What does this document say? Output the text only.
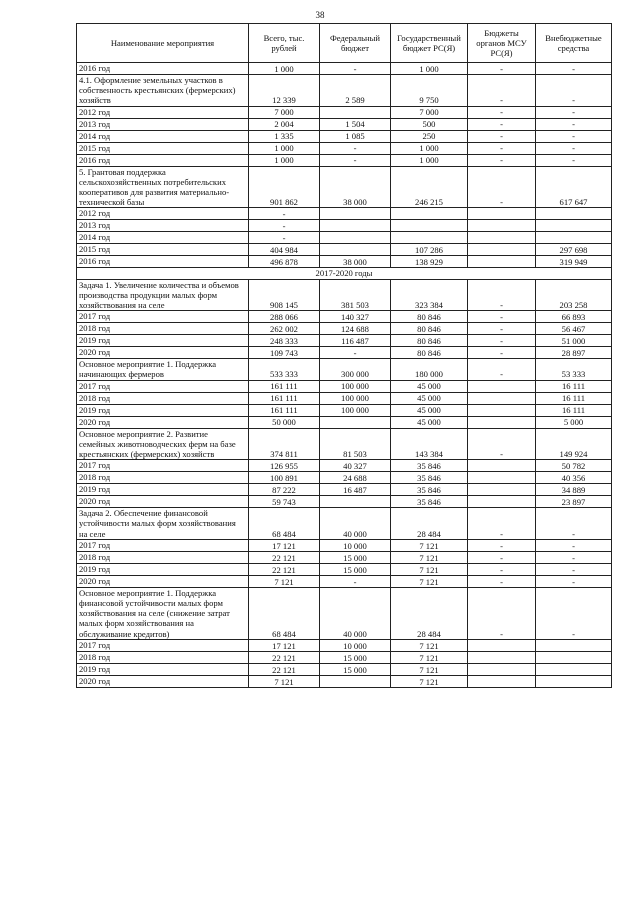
38
Наименование мероприятия	Всего, тыс. рублей	Федеральный бюджет	Государственный бюджет РС(Я)	Бюджеты органов МСУ РС(Я)	Внебюджетные средства
2016 год	1 000	-	1 000	-	-
4.1. Оформление земельных участков в собственность крестьянских (фермерских) хозяйств	12 339	2 589	9 750	-	-
2012 год	7 000		7 000	-	-
2013 год	2 004	1 504	500	-	-
2014 год	1 335	1 085	250	-	-
2015 год	1 000	-	1 000	-	-
2016 год	1 000	-	1 000	-	-
5. Грантовая поддержка сельскохозяйственных потребительских кооперативов для развития материально-технической базы	901 862	38 000	246 215	-	617 647
2012 год	-				
2013 год	-				
2014 год	-				
2015 год	404 984		107 286		297 698
2016 год	496 878	38 000	138 929		319 949
2017-2020 годы					
Задача 1. Увеличение количества и объемов производства продукции малых форм хозяйствования на селе	908 145	381 503	323 384	-	203 258
2017 год	288 066	140 327	80 846	-	66 893
2018 год	262 002	124 688	80 846	-	56 467
2019 год	248 333	116 487	80 846	-	51 000
2020 год	109 743	-	80 846	-	28 897
Основное мероприятие 1. Поддержка начинающих фермеров	533 333	300 000	180 000	-	53 333
2017 год	161 111	100 000	45 000		16 111
2018 год	161 111	100 000	45 000		16 111
2019 год	161 111	100 000	45 000		16 111
2020 год	50 000		45 000		5 000
Основное мероприятие 2. Развитие семейных животноводческих ферм на базе крестьянских (фермерских) хозяйств	374 811	81 503	143 384	-	149 924
2017 год	126 955	40 327	35 846		50 782
2018 год	100 891	24 688	35 846		40 356
2019 год	87 222	16 487	35 846		34 889
2020 год	59 743		35 846		23 897
Задача 2. Обеспечение финансовой устойчивости малых форм хозяйствования на селе	68 484	40 000	28 484	-	-
2017 год	17 121	10 000	7 121	-	-
2018 год	22 121	15 000	7 121	-	-
2019 год	22 121	15 000	7 121	-	-
2020 год	7 121	-	7 121	-	-
Основное мероприятие 1. Поддержка финансовой устойчивости малых форм хозяйствования на селе (снижение затрат малых форм хозяйствования на обслуживание кредитов)	68 484	40 000	28 484	-	-
2017 год	17 121	10 000	7 121		
2018 год	22 121	15 000	7 121		
2019 год	22 121	15 000	7 121		
2020 год	7 121		7 121		
